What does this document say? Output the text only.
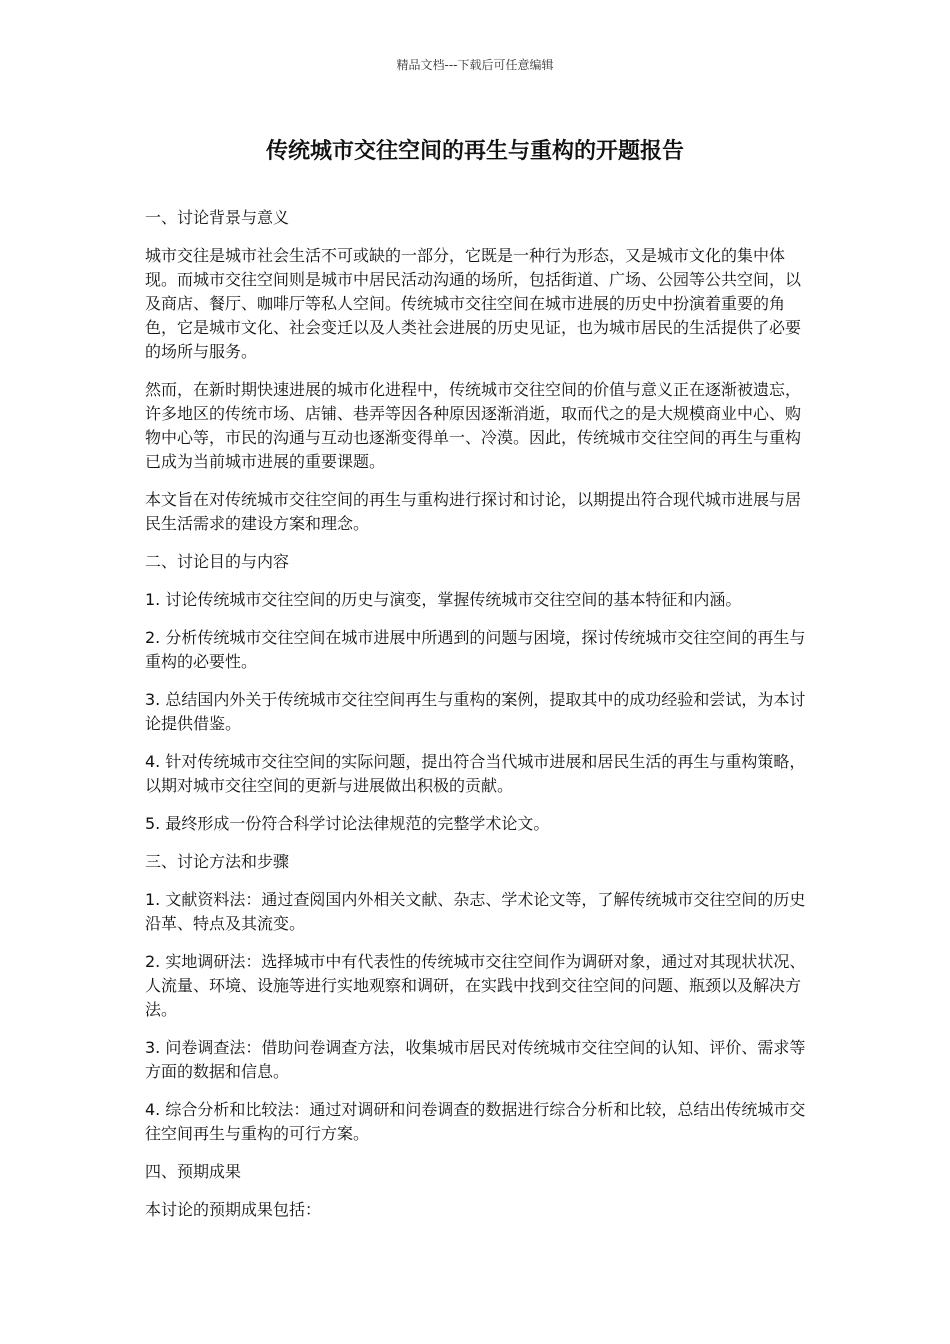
精品文档---下载后可任意编辑
传统城市交往空间的再生与重构的开题报告

一、讨论背景与意义

城市交往是城市社会生活不可或缺的一部分，它既是一种行为形态，又是城市文化的集中体现。而城市交往空间则是城市中居民活动沟通的场所，包括街道、广场、公园等公共空间，以及商店、餐厅、咖啡厅等私人空间。传统城市交往空间在城市进展的历史中扮演着重要的角色，它是城市文化、社会变迁以及人类社会进展的历史见证，也为城市居民的生活提供了必要的场所与服务。

然而，在新时期快速进展的城市化进程中，传统城市交往空间的价值与意义正在逐渐被遗忘，许多地区的传统市场、店铺、巷弄等因各种原因逐渐消逝，取而代之的是大规模商业中心、购物中心等，市民的沟通与互动也逐渐变得单一、冷漠。因此，传统城市交往空间的再生与重构已成为当前城市进展的重要课题。

本文旨在对传统城市交往空间的再生与重构进行探讨和讨论，以期提出符合现代城市进展与居民生活需求的建设方案和理念。

二、讨论目的与内容

1. 讨论传统城市交往空间的历史与演变，掌握传统城市交往空间的基本特征和内涵。

2. 分析传统城市交往空间在城市进展中所遇到的问题与困境，探讨传统城市交往空间的再生与重构的必要性。

3. 总结国内外关于传统城市交往空间再生与重构的案例，提取其中的成功经验和尝试，为本讨论提供借鉴。

4. 针对传统城市交往空间的实际问题，提出符合当代城市进展和居民生活的再生与重构策略，以期对城市交往空间的更新与进展做出积极的贡献。

5. 最终形成一份符合科学讨论法律规范的完整学术论文。

三、讨论方法和步骤

1. 文献资料法：通过查阅国内外相关文献、杂志、学术论文等，了解传统城市交往空间的历史沿革、特点及其流变。

2. 实地调研法：选择城市中有代表性的传统城市交往空间作为调研对象，通过对其现状状况、人流量、环境、设施等进行实地观察和调研，在实践中找到交往空间的问题、瓶颈以及解决方法。

3. 问卷调查法：借助问卷调查方法，收集城市居民对传统城市交往空间的认知、评价、需求等方面的数据和信息。

4. 综合分析和比较法：通过对调研和问卷调查的数据进行综合分析和比较，总结出传统城市交往空间再生与重构的可行方案。

四、预期成果

本讨论的预期成果包括：
